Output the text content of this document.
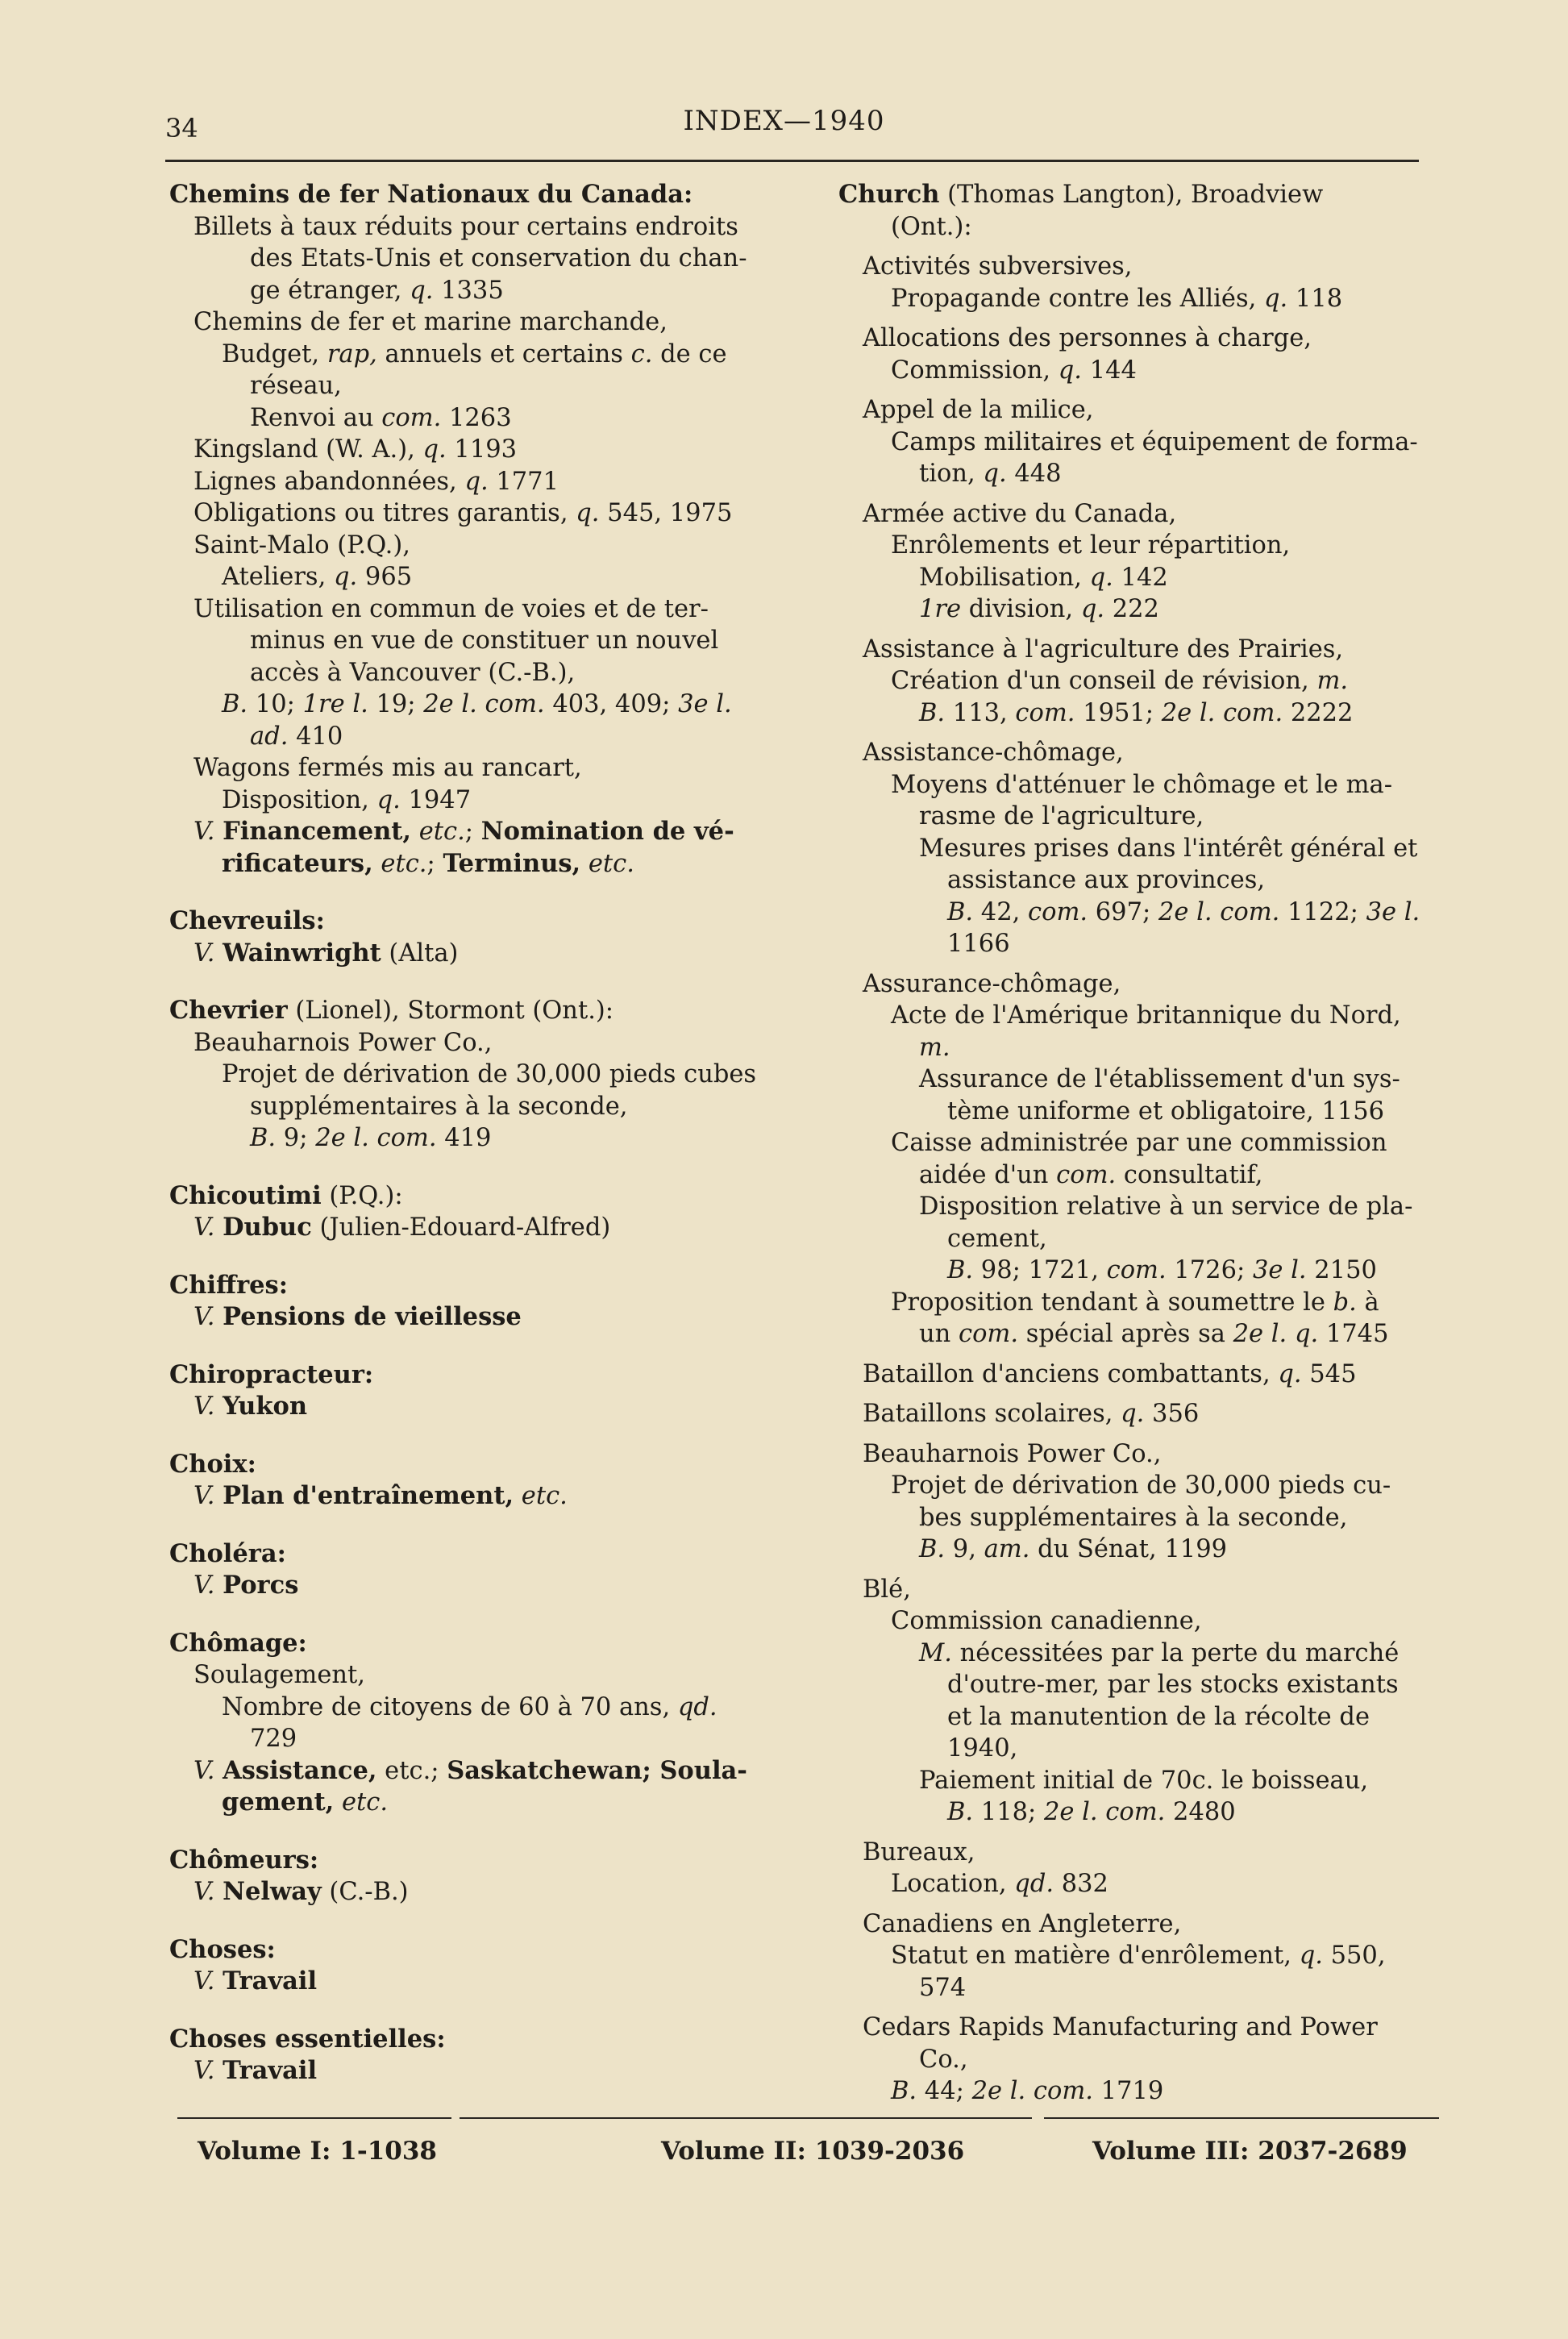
34	INDEX—1940
Chemins de fer Nationaux du Canada:
Billets à taux réduits pour certains endroits
des Etats-Unis et conservation du chan-
ge étranger, q. 1335
Chemins de fer et marine marchande,
Budget, rap, annuels et certains c. de ce
réseau,
Renvoi au com. 1263
Kingsland (W. A.), q. 1193
Lignes abandonnées, q. 1771
Obligations ou titres garantis, q. 545, 1975
Saint-Malo (P.Q.),
Ateliers, q. 965
Utilisation en commun de voies et de ter-
minus en vue de constituer un nouvel
accès à Vancouver (C.-B.),
B. 10; 1re l. 19; 2e l. com. 403, 409; 3e l.
ad. 410
Wagons fermés mis au rancart,
Disposition, q. 1947
V. Financement, etc.; Nomination de vé-
rificateurs, etc.; Terminus, etc.
Chevreuils:
V. Wainwright (Alta)
Chevrier (Lionel), Stormont (Ont.):
Beauharnois Power Co.,
Projet de dérivation de 30,000 pieds cubes
supplémentaires à la seconde,
B. 9; 2e l. com. 419
Chicoutimi (P.Q.):
V. Dubuc (Julien-Edouard-Alfred)
Chiffres:
V. Pensions de vieillesse
Chiropracteur:
V. Yukon
Choix:
V. Plan d'entraînement, etc.
Choléra:
V. Porcs
Chômage:
Soulagement,
Nombre de citoyens de 60 à 70 ans, qd.
729
V. Assistance, etc.; Saskatchewan; Soula-
gement, etc.
Chômeurs:
V. Nelway (C.-B.)
Choses:
V. Travail
Choses essentielles:
V. Travail
Church (Thomas Langton), Broadview
(Ont.):
Activités subversives,
Propagande contre les Alliés, q. 118
Allocations des personnes à charge,
Commission, q. 144
Appel de la milice,
Camps militaires et équipement de forma-
tion, q. 448
Armée active du Canada,
Enrôlements et leur répartition,
Mobilisation, q. 142
1re division, q. 222
Assistance à l'agriculture des Prairies,
Création d'un conseil de révision, m.
B. 113, com. 1951; 2e l. com. 2222
Assistance-chômage,
Moyens d'atténuer le chômage et le ma-
rasme de l'agriculture,
Mesures prises dans l'intérêt général et
assistance aux provinces,
B. 42, com. 697; 2e l. com. 1122; 3e l.
1166
Assurance-chômage,
Acte de l'Amérique britannique du Nord,
m.
Assurance de l'établissement d'un sys-
tème uniforme et obligatoire, 1156
Caisse administrée par une commission
aidée d'un com. consultatif,
Disposition relative à un service de pla-
cement,
B. 98; 1721, com. 1726; 3e l. 2150
Proposition tendant à soumettre le b. à
un com. spécial après sa 2e l. q. 1745
Bataillon d'anciens combattants, q. 545
Bataillons scolaires, q. 356
Beauharnois Power Co.,
Projet de dérivation de 30,000 pieds cu-
bes supplémentaires à la seconde,
B. 9, am. du Sénat, 1199
Blé,
Commission canadienne,
M. nécessitées par la perte du marché
d'outre-mer, par les stocks existants
et la manutention de la récolte de
1940,
Paiement initial de 70c. le boisseau,
B. 118; 2e l. com. 2480
Bureaux,
Location, qd. 832
Canadiens en Angleterre,
Statut en matière d'enrôlement, q. 550,
574
Cedars Rapids Manufacturing and Power
Co.,
B. 44; 2e l. com. 1719
Volume I: 1-1038	Volume II: 1039-2036	Volume III: 2037-2689
